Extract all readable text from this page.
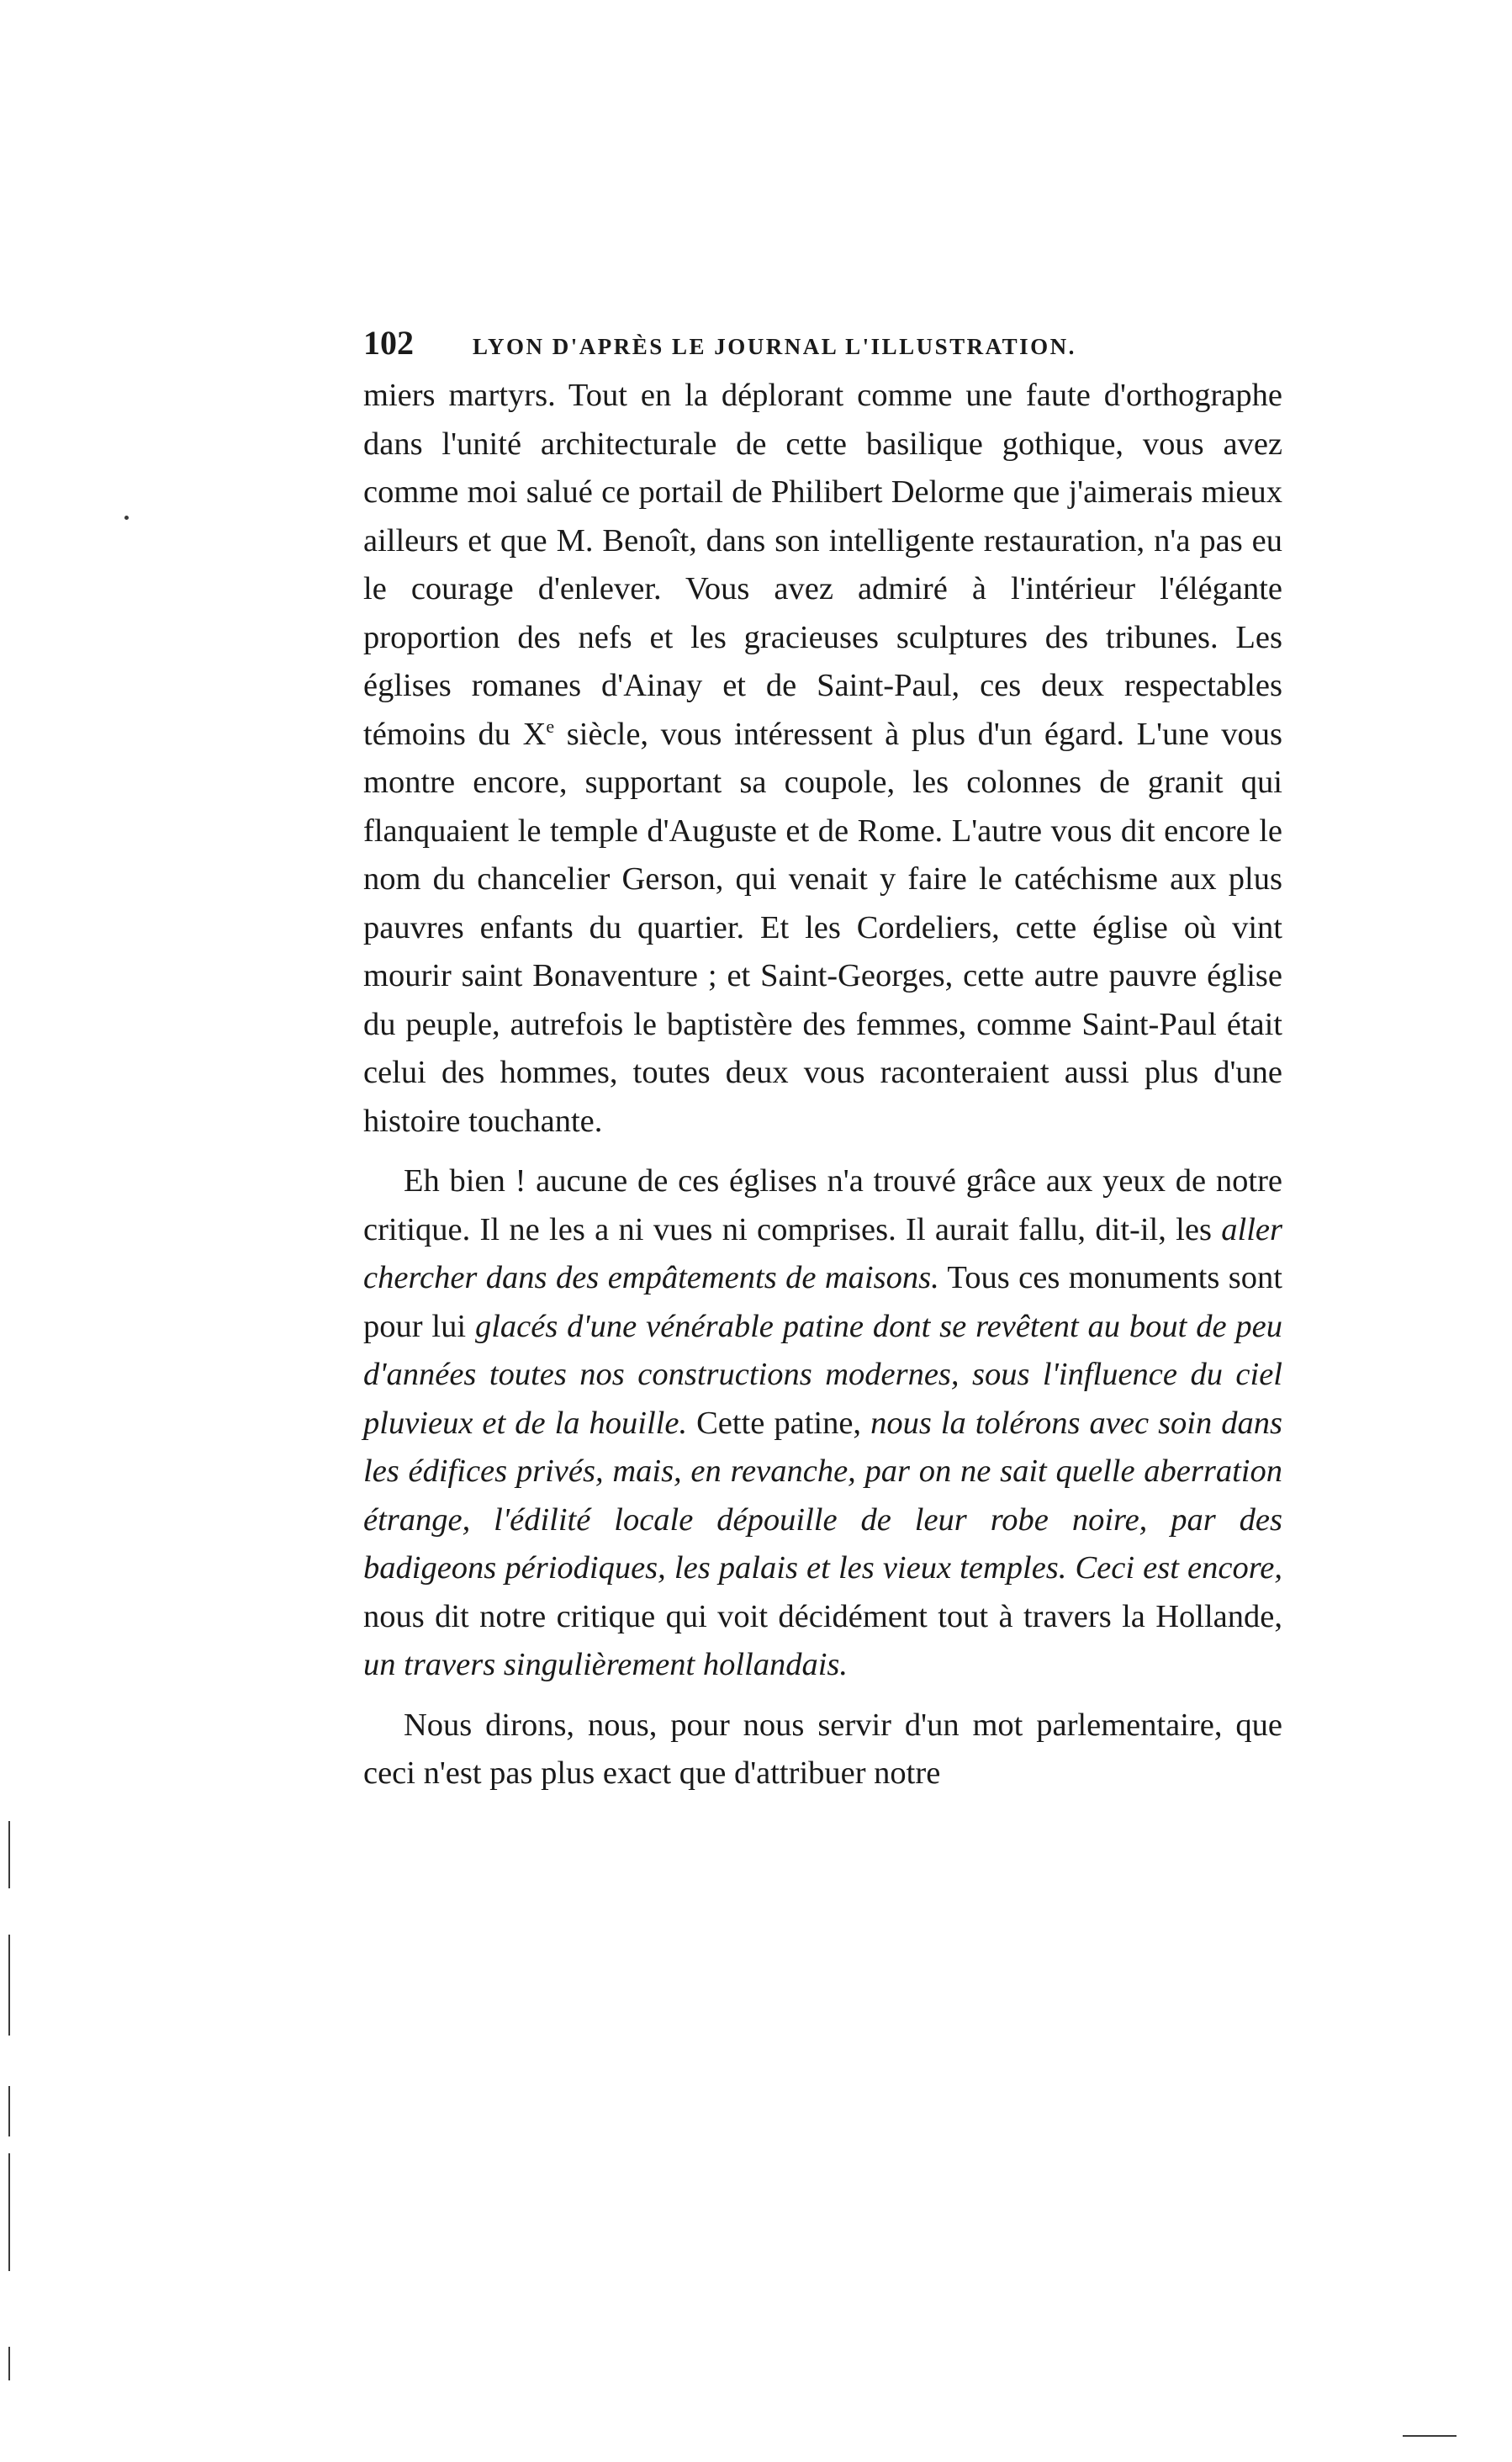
102	LYON D'APRÈS LE JOURNAL L'ILLUSTRATION.

miers martyrs. Tout en la déplorant comme une faute d'orthographe dans l'unité architecturale de cette basilique gothique, vous avez comme moi salué ce portail de Philibert Delorme que j'aimerais mieux ailleurs et que M. Benoît, dans son intelligente restauration, n'a pas eu le courage d'enlever. Vous avez admiré à l'intérieur l'élégante proportion des nefs et les gracieuses sculptures des tribunes. Les églises romanes d'Ainay et de Saint-Paul, ces deux respectables témoins du Xe siècle, vous intéressent à plus d'un égard. L'une vous montre encore, supportant sa coupole, les colonnes de granit qui flanquaient le temple d'Auguste et de Rome. L'autre vous dit encore le nom du chancelier Gerson, qui venait y faire le catéchisme aux plus pauvres enfants du quartier. Et les Cordeliers, cette église où vint mourir saint Bonaventure ; et Saint-Georges, cette autre pauvre église du peuple, autrefois le baptistère des femmes, comme Saint-Paul était celui des hommes, toutes deux vous raconteraient aussi plus d'une histoire touchante.

Eh bien ! aucune de ces églises n'a trouvé grâce aux yeux de notre critique. Il ne les a ni vues ni comprises. Il aurait fallu, dit-il, les aller chercher dans des empâtements de maisons. Tous ces monuments sont pour lui glacés d'une vénérable patine dont se revêtent au bout de peu d'années toutes nos constructions modernes, sous l'influence du ciel pluvieux et de la houille. Cette patine, nous la tolérons avec soin dans les édifices privés, mais, en revanche, par on ne sait quelle aberration étrange, l'édilité locale dépouille de leur robe noire, par des badigeons périodiques, les palais et les vieux temples. Ceci est encore, nous dit notre critique qui voit décidément tout à travers la Hollande, un travers singulièrement hollandais.

Nous dirons, nous, pour nous servir d'un mot parlementaire, que ceci n'est pas plus exact que d'attribuer notre
